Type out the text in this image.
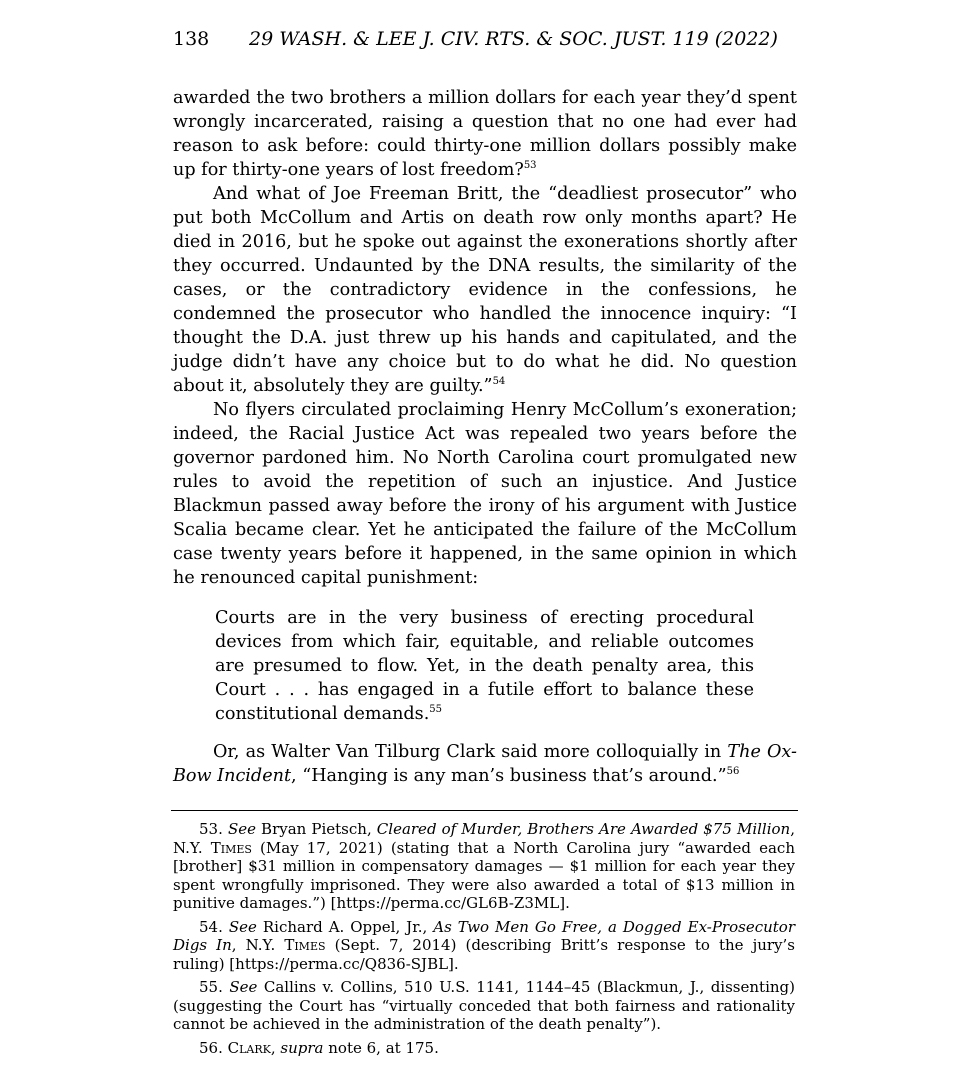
138	29 WASH. & LEE J. CIV. RTS. & SOC. JUST. 119 (2022)

awarded the two brothers a million dollars for each year they’d spent wrongly incarcerated, raising a question that no one had ever had reason to ask before: could thirty-one million dollars possibly make up for thirty-one years of lost freedom?$^{53}$

And what of Joe Freeman Britt, the “deadliest prosecutor” who put both McCollum and Artis on death row only months apart? He died in 2016, but he spoke out against the exonerations shortly after they occurred. Undaunted by the DNA results, the similarity of the cases, or the contradictory evidence in the confessions, he condemned the prosecutor who handled the innocence inquiry: “I thought the D.A. just threw up his hands and capitulated, and the judge didn’t have any choice but to do what he did. No question about it, absolutely they are guilty.”$^{54}$

No flyers circulated proclaiming Henry McCollum’s exoneration; indeed, the Racial Justice Act was repealed two years before the governor pardoned him. No North Carolina court promulgated new rules to avoid the repetition of such an injustice. And Justice Blackmun passed away before the irony of his argument with Justice Scalia became clear. Yet he anticipated the failure of the McCollum case twenty years before it happened, in the same opinion in which he renounced capital punishment:

Courts are in the very business of erecting procedural devices from which fair, equitable, and reliable outcomes are presumed to flow. Yet, in the death penalty area, this Court . . . has engaged in a futile effort to balance these constitutional demands.$^{55}$

Or, as Walter Van Tilburg Clark said more colloquially in The Ox-Bow Incident, “Hanging is any man’s business that’s around.”$^{56}$

53. See Bryan Pietsch, Cleared of Murder, Brothers Are Awarded $75 Million, N.Y. Times (May 17, 2021) (stating that a North Carolina jury “awarded each [brother] $31 million in compensatory damages — $1 million for each year they spent wrongfully imprisoned. They were also awarded a total of $13 million in punitive damages.”) [https://perma.cc/GL6B-Z3ML].

54. See Richard A. Oppel, Jr., As Two Men Go Free, a Dogged Ex-Prosecutor Digs In, N.Y. Times (Sept. 7, 2014) (describing Britt’s response to the jury’s ruling) [https://perma.cc/Q836-SJBL].

55. See Callins v. Collins, 510 U.S. 1141, 1144–45 (Blackmun, J., dissenting) (suggesting the Court has “virtually conceded that both fairness and rationality cannot be achieved in the administration of the death penalty”).

56. Clark, supra note 6, at 175.
